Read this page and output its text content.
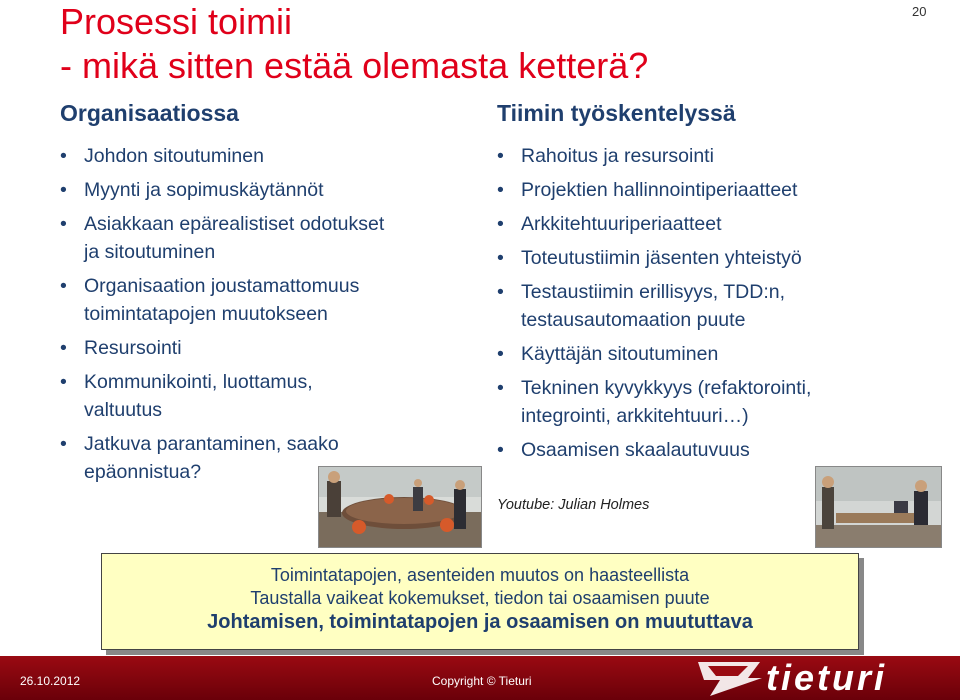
Prosessi toimii
- mikä sitten estää olemasta ketterä?
20
Organisaatiossa
• Johdon sitoutuminen
• Myynti ja sopimuskäytännöt
• Asiakkaan epärealistiset odotukset
ja sitoutuminen
• Organisaation joustamattomuus
toimintatapojen muutokseen
• Resursointi
• Kommunikointi, luottamus,
valtuutus
• Jatkuva parantaminen, saako
epäonnistua?
Tiimin työskentelyssä
• Rahoitus ja resursointi
• Projektien hallinnointiperiaatteet
• Arkkitehtuuriperiaatteet
• Toteutustiimin jäsenten yhteistyö
• Testaustiimin erillisyys, TDD:n,
testausautomaation puute
• Käyttäjän sitoutuminen
• Tekninen kyvykkyys (refaktorointi,
integrointi, arkkitehtuuri…)
• Osaamisen skaalautuvuus
Youtube: Julian Holmes
Toimintatapojen, asenteiden muutos on haasteellista
Taustalla vaikeat kokemukset, tiedon tai osaamisen puute
Johtamisen, toimintatapojen ja osaamisen on muututtava
26.10.2012	Copyright © Tieturi	tieturi
